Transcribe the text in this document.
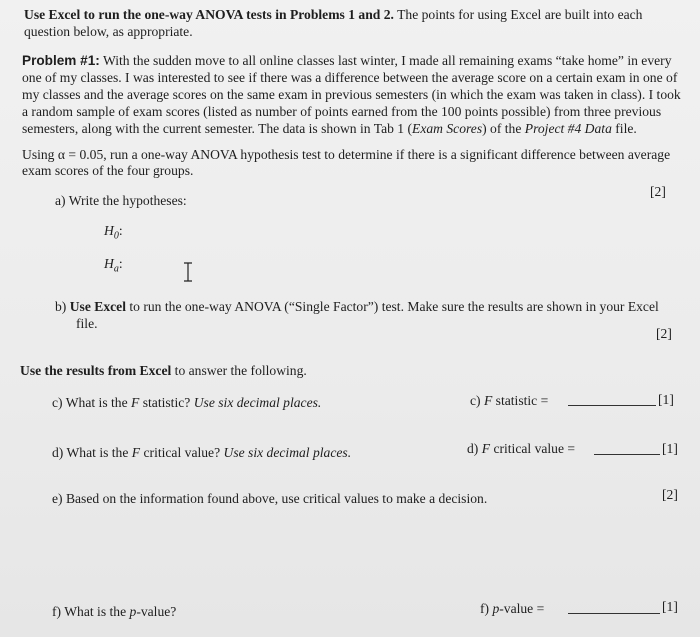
Use Excel to run the one-way ANOVA tests in Problems 1 and 2. The points for using Excel are built into each
question below, as appropriate.
Problem #1: With the sudden move to all online classes last winter, I made all remaining exams “take home” in every
one of my classes. I was interested to see if there was a difference between the average score on a certain exam in one of
my classes and the average scores on the same exam in previous semesters (in which the exam was taken in class). I took
a random sample of exam scores (listed as number of points earned from the 100 points possible) from three previous
semesters, along with the current semester. The data is shown in Tab 1 (Exam Scores) of the Project #4 Data file.
Using α = 0.05, run a one-way ANOVA hypothesis test to determine if there is a significant difference between average
exam scores of the four groups.
a) Write the hypotheses:
[2]
$H_0$:
$H_a$:
b) Use Excel to run the one-way ANOVA (“Single Factor”) test. Make sure the results are shown in your Excel
file.
[2]
Use the results from Excel to answer the following.
c) What is the F statistic? Use six decimal places.	c) F statistic =	[1]
d) What is the F critical value? Use six decimal places.	d) F critical value =	[1]
e) Based on the information found above, use critical values to make a decision.	[2]
f) What is the p-value?	f) p-value =	[1]
